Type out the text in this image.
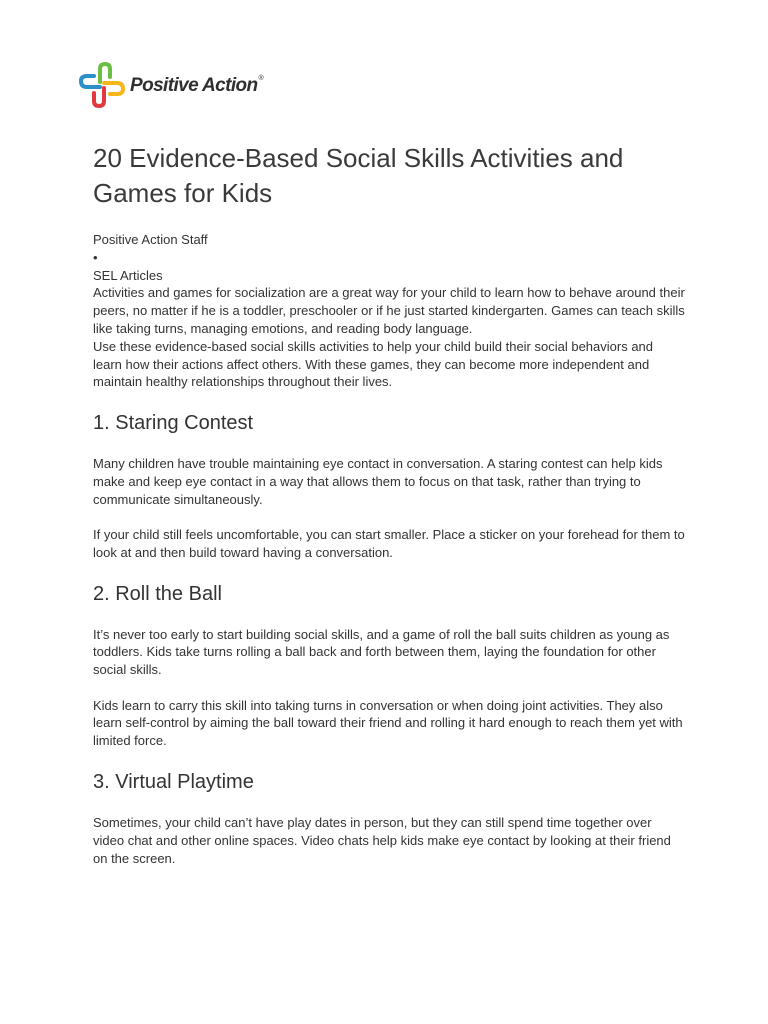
Positive Action®
20 Evidence-Based Social Skills Activities and Games for Kids
Positive Action Staff
•
SEL Articles

Activities and games for socialization are a great way for your child to learn how to behave around their peers, no matter if he is a toddler, preschooler or if he just started kindergarten. Games can teach skills like taking turns, managing emotions, and reading body language.

Use these evidence-based social skills activities to help your child build their social behaviors and learn how their actions affect others. With these games, they can become more independent and maintain healthy relationships throughout their lives.

1. Staring Contest

Many children have trouble maintaining eye contact in conversation. A staring contest can help kids make and keep eye contact in a way that allows them to focus on that task, rather than trying to communicate simultaneously.

If your child still feels uncomfortable, you can start smaller. Place a sticker on your forehead for them to look at and then build toward having a conversation.

2. Roll the Ball

It’s never too early to start building social skills, and a game of roll the ball suits children as young as toddlers. Kids take turns rolling a ball back and forth between them, laying the foundation for other social skills.

Kids learn to carry this skill into taking turns in conversation or when doing joint activities. They also learn self-control by aiming the ball toward their friend and rolling it hard enough to reach them yet with limited force.

3. Virtual Playtime

Sometimes, your child can’t have play dates in person, but they can still spend time together over video chat and other online spaces. Video chats help kids make eye contact by looking at their friend on the screen.
